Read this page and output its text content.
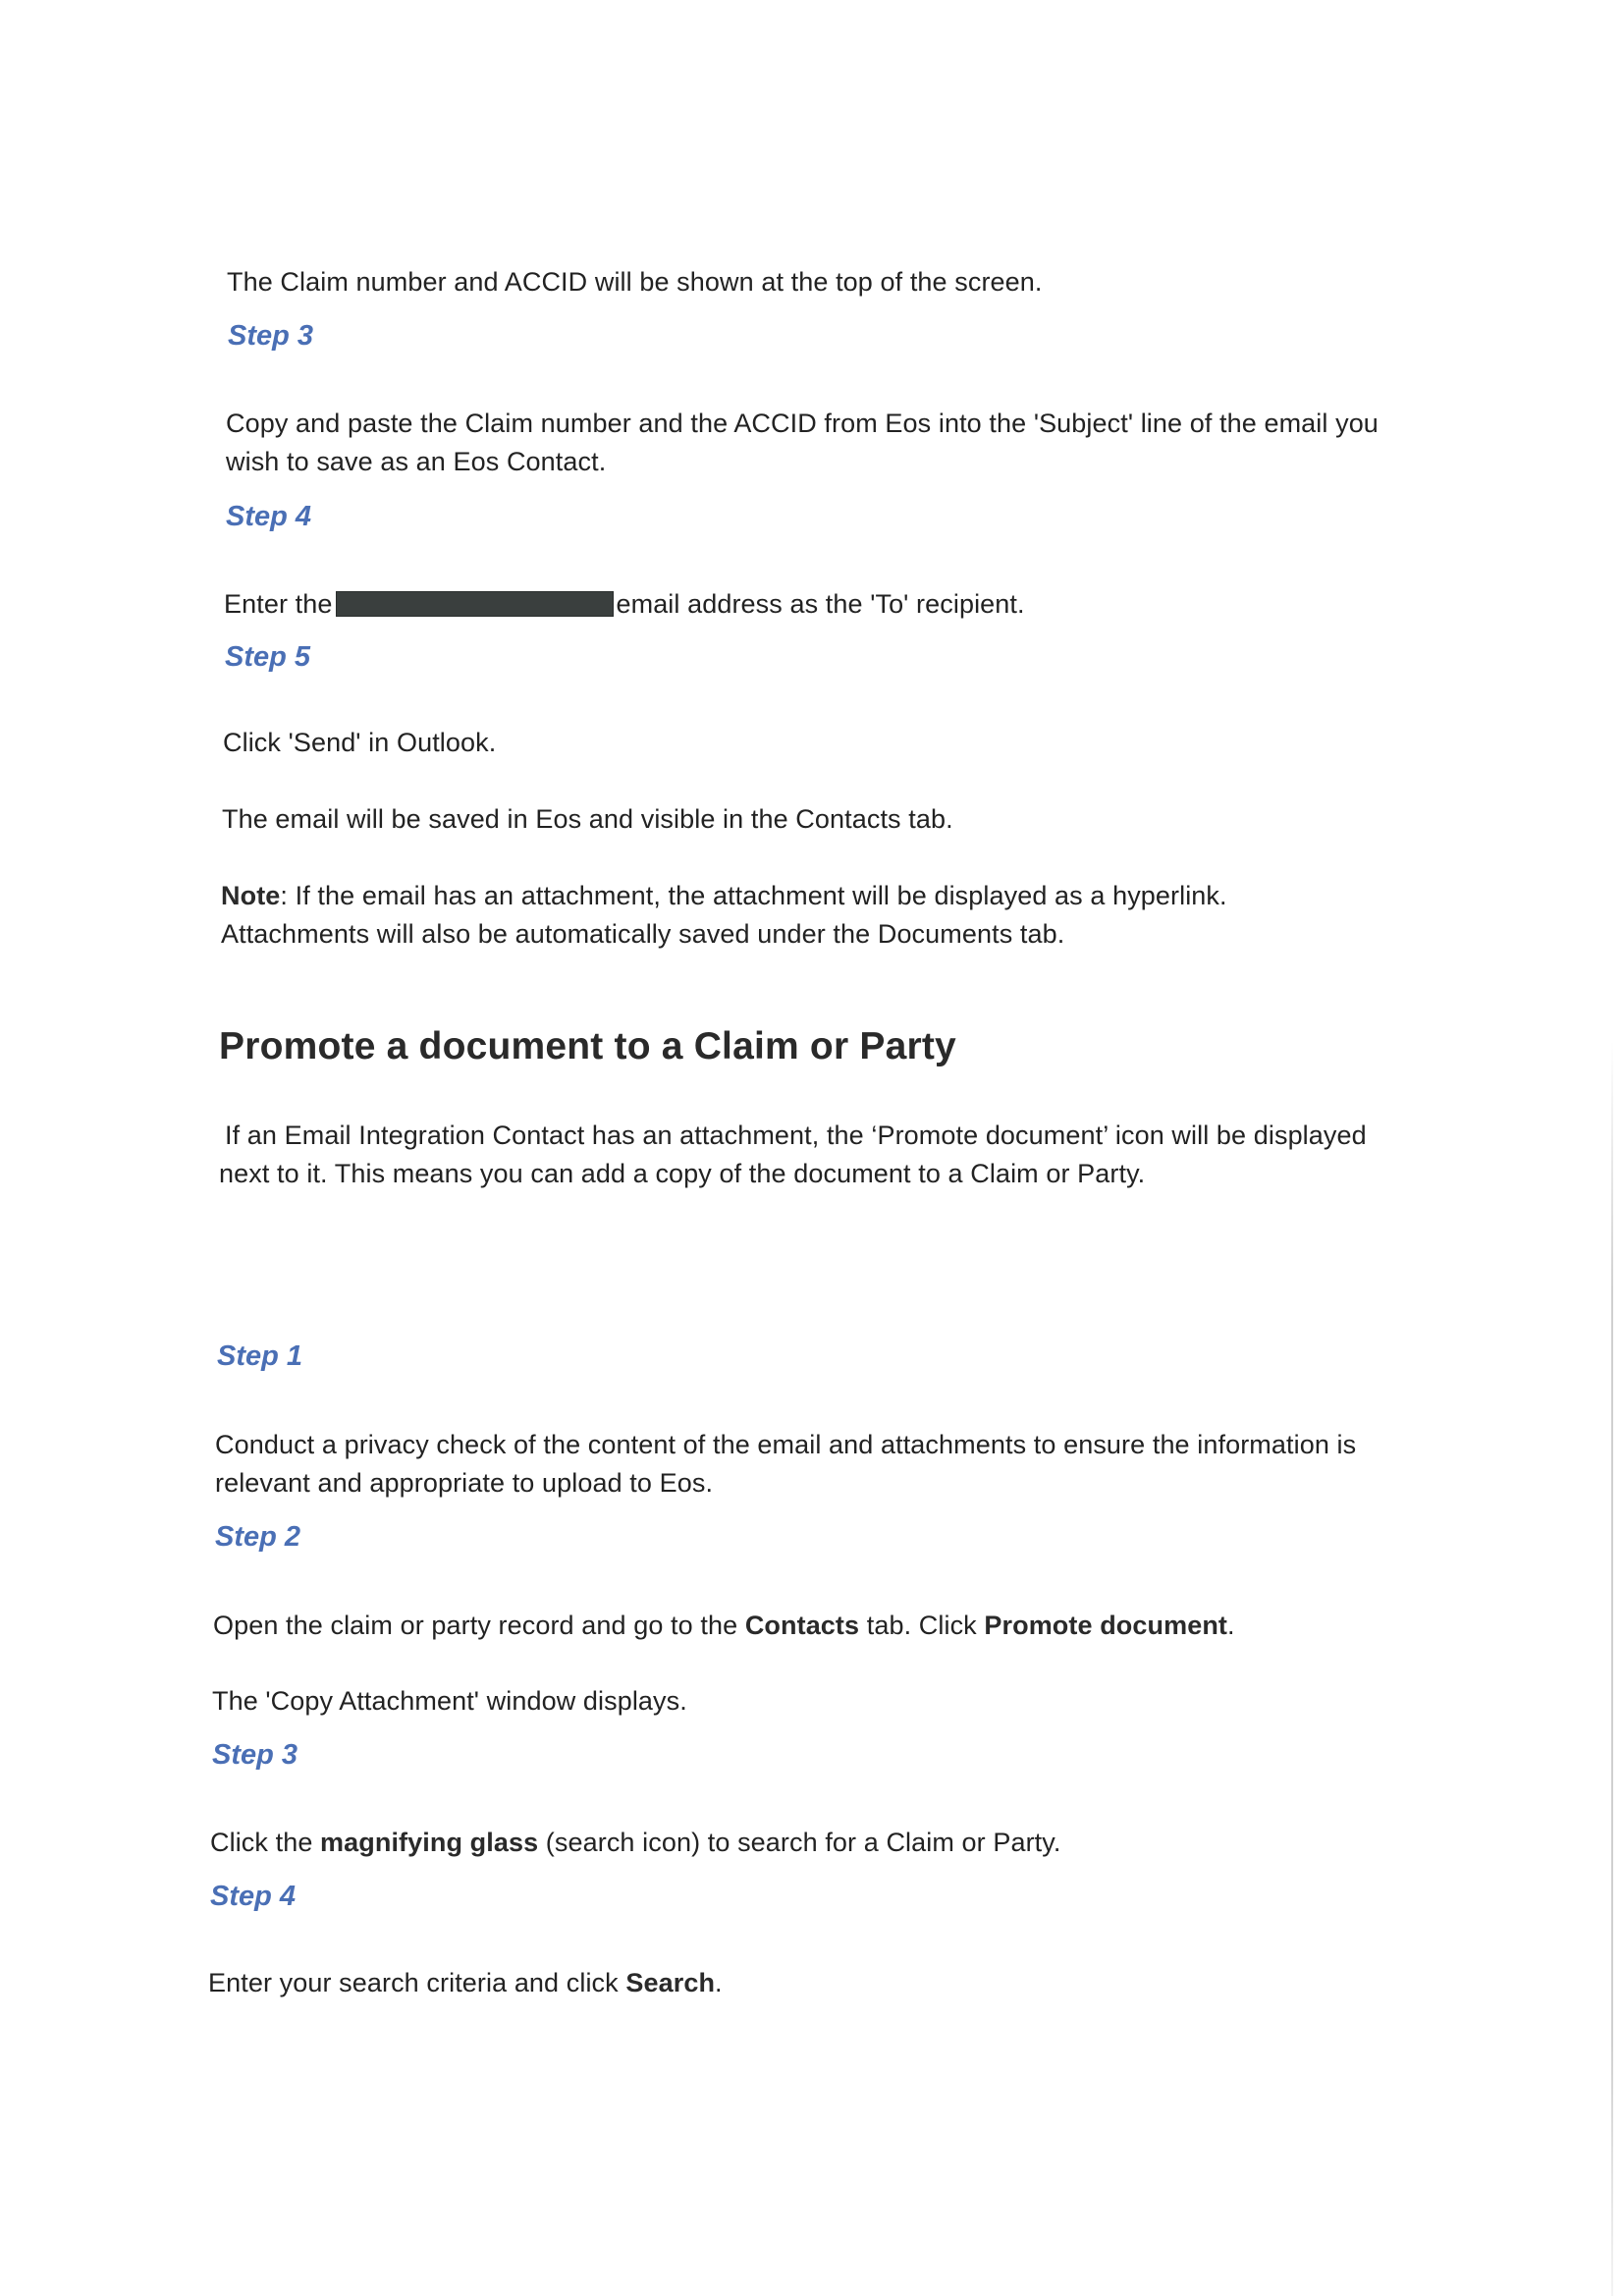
The Claim number and ACCID will be shown at the top of the screen.

Step 3

Copy and paste the Claim number and the ACCID from Eos into the 'Subject' line of the email you wish to save as an Eos Contact.

Step 4

Enter the	email address as the 'To' recipient.

Step 5

Click 'Send' in Outlook.

The email will be saved in Eos and visible in the Contacts tab.

Note: If the email has an attachment, the attachment will be displayed as a hyperlink. Attachments will also be automatically saved under the Documents tab.

Promote a document to a Claim or Party

If an Email Integration Contact has an attachment, the ‘Promote document’ icon will be displayed next to it. This means you can add a copy of the document to a Claim or Party.

Step 1

Conduct a privacy check of the content of the email and attachments to ensure the information is relevant and appropriate to upload to Eos.

Step 2

Open the claim or party record and go to the Contacts tab. Click Promote document.

The 'Copy Attachment' window displays.

Step 3

Click the magnifying glass (search icon) to search for a Claim or Party.

Step 4

Enter your search criteria and click Search.
